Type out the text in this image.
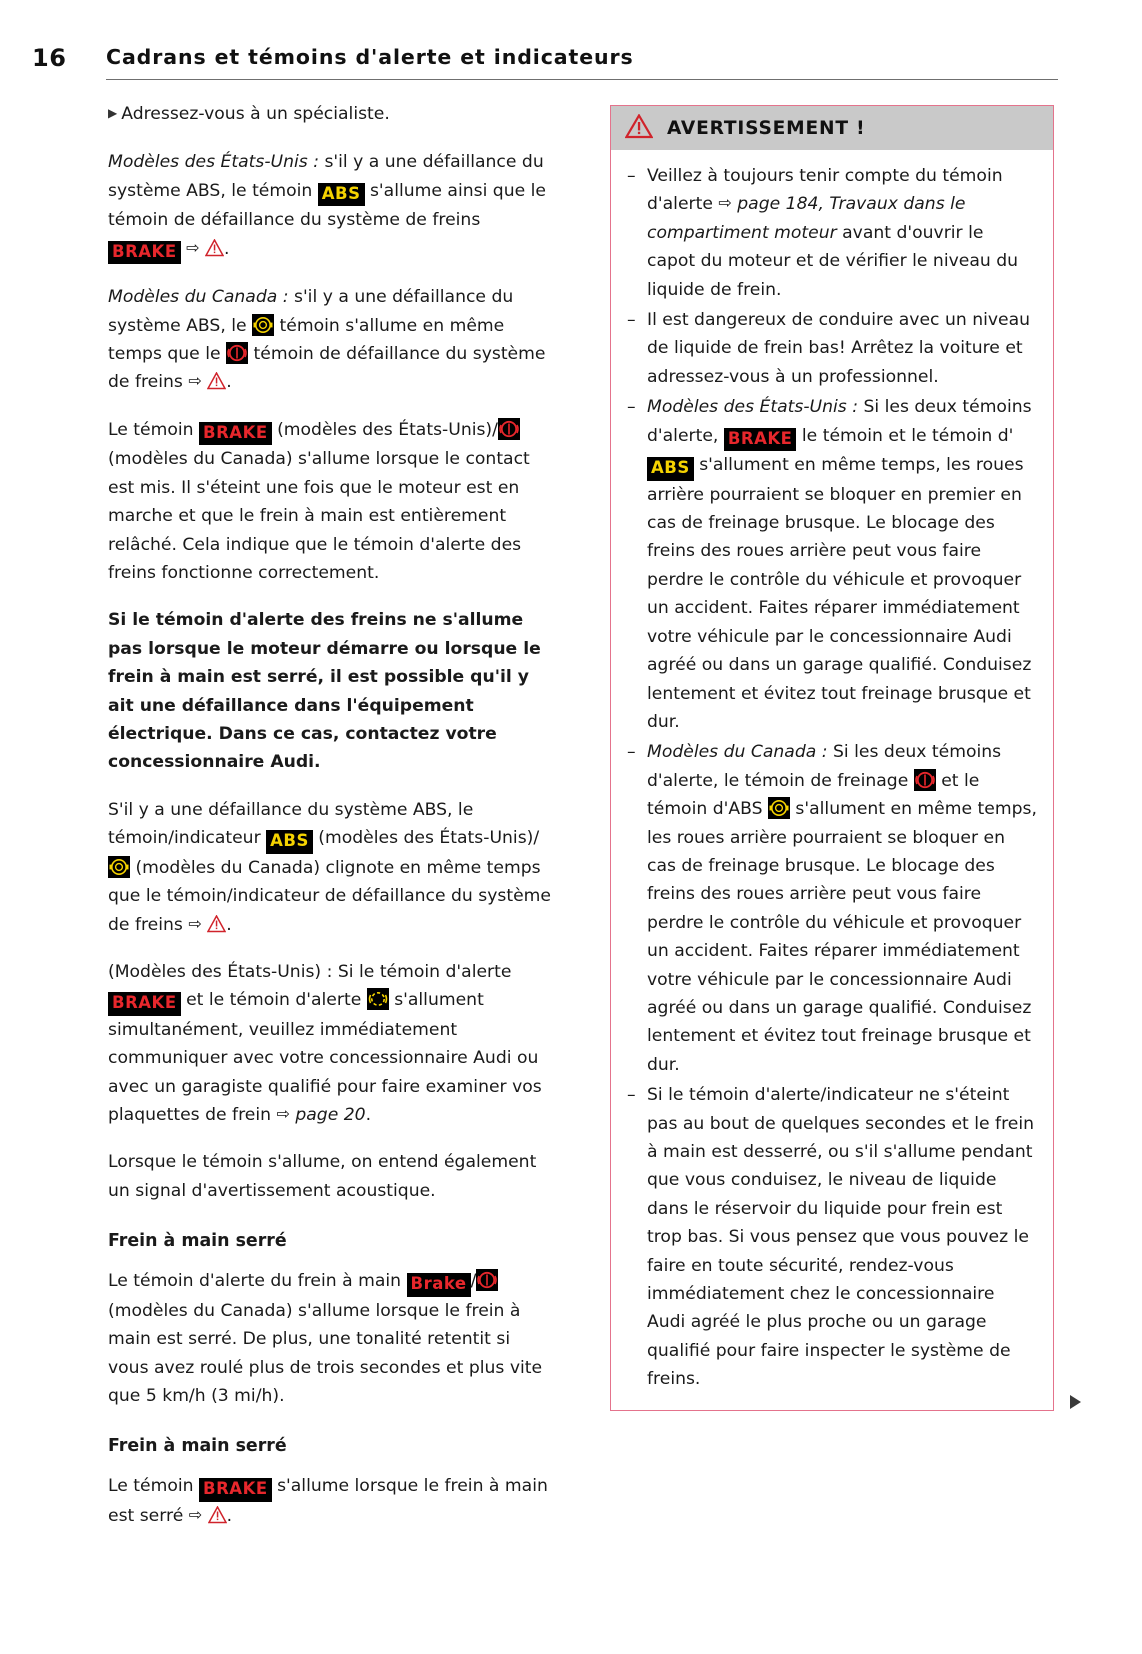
16 Cadrans et témoins d'alerte et indicateurs

▶ Adressez-vous à un spécialiste.

Modèles des États-Unis : s'il y a une défaillance du système ABS, le témoin ABS s'allume ainsi que le témoin de défaillance du système de freins BRAKE ⇨ .

Modèles du Canada : s'il y a une défaillance du système ABS, le
témoin s'allume en même temps que le
témoin de défaillance du système de freins ⇨ .

Le témoin BRAKE (modèles des États-Unis)/
(modèles du Canada) s'allume lorsque le contact est mis. Il s'éteint une fois que le moteur est en marche et que le frein à main est entièrement relâché. Cela indique que le témoin d'alerte des freins fonctionne correctement.

Si le témoin d'alerte des freins ne s'allume pas lorsque le moteur démarre ou lorsque le frein à main est serré, il est possible qu'il y ait une défaillance dans l'équipement électrique. Dans ce cas, contactez votre concessionnaire Audi.

S'il y a une défaillance du système ABS, le témoin/indicateur ABS (modèles des États-Unis)/
(modèles du Canada) clignote en même temps que le témoin/indicateur de défaillance du système de freins ⇨ .

(Modèles des États-Unis) : Si le témoin d'alerte BRAKE et le témoin d'alerte
s'allument simultanément, veuillez immédiatement communiquer avec votre concessionnaire Audi ou avec un garagiste qualifié pour faire examiner vos plaquettes de frein ⇨ page 20.

Lorsque le témoin s'allume, on entend également un signal d'avertissement acoustique.

Frein à main serré

Le témoin d'alerte du frein à main Brake /
(modèles du Canada) s'allume lorsque le frein à main est serré. De plus, une tonalité retentit si vous avez roulé plus de trois secondes et plus vite que 5 km/h (3 mi/h).

Frein à main serré

Le témoin BRAKE s'allume lorsque le frein à main est serré ⇨ .

AVERTISSEMENT !
– Veillez à toujours tenir compte du témoin d'alerte ⇨ page 184, Travaux dans le compartiment moteur avant d'ouvrir le capot du moteur et de vérifier le niveau du liquide de frein.
– Il est dangereux de conduire avec un niveau de liquide de frein bas! Arrêtez la voiture et adressez-vous à un professionnel.
– Modèles des États-Unis : Si les deux témoins d'alerte, BRAKE le témoin et le témoin d'ABS s'allument en même temps, les roues arrière pourraient se bloquer en premier en cas de freinage brusque. Le blocage des freins des roues arrière peut vous faire perdre le contrôle du véhicule et provoquer un accident. Faites réparer immédiatement votre véhicule par le concessionnaire Audi agréé ou dans un garage qualifié. Conduisez lentement et évitez tout freinage brusque et dur.
– Modèles du Canada : Si les deux témoins d'alerte, le témoin de freinage
et le témoin d'ABS
s'allument en même temps, les roues arrière pourraient se bloquer en cas de freinage brusque. Le blocage des freins des roues arrière peut vous faire perdre le contrôle du véhicule et provoquer un accident. Faites réparer immédiatement votre véhicule par le concessionnaire Audi agréé ou dans un garage qualifié. Conduisez lentement et évitez tout freinage brusque et dur.
– Si le témoin d'alerte/indicateur ne s'éteint pas au bout de quelques secondes et le frein à main est desserré, ou s'il s'allume pendant que vous conduisez, le niveau de liquide dans le réservoir du liquide pour frein est trop bas. Si vous pensez que vous pouvez le faire en toute sécurité, rendez-vous immédiatement chez le concessionnaire Audi agréé le plus proche ou un garage qualifié pour faire inspecter le système de freins.
